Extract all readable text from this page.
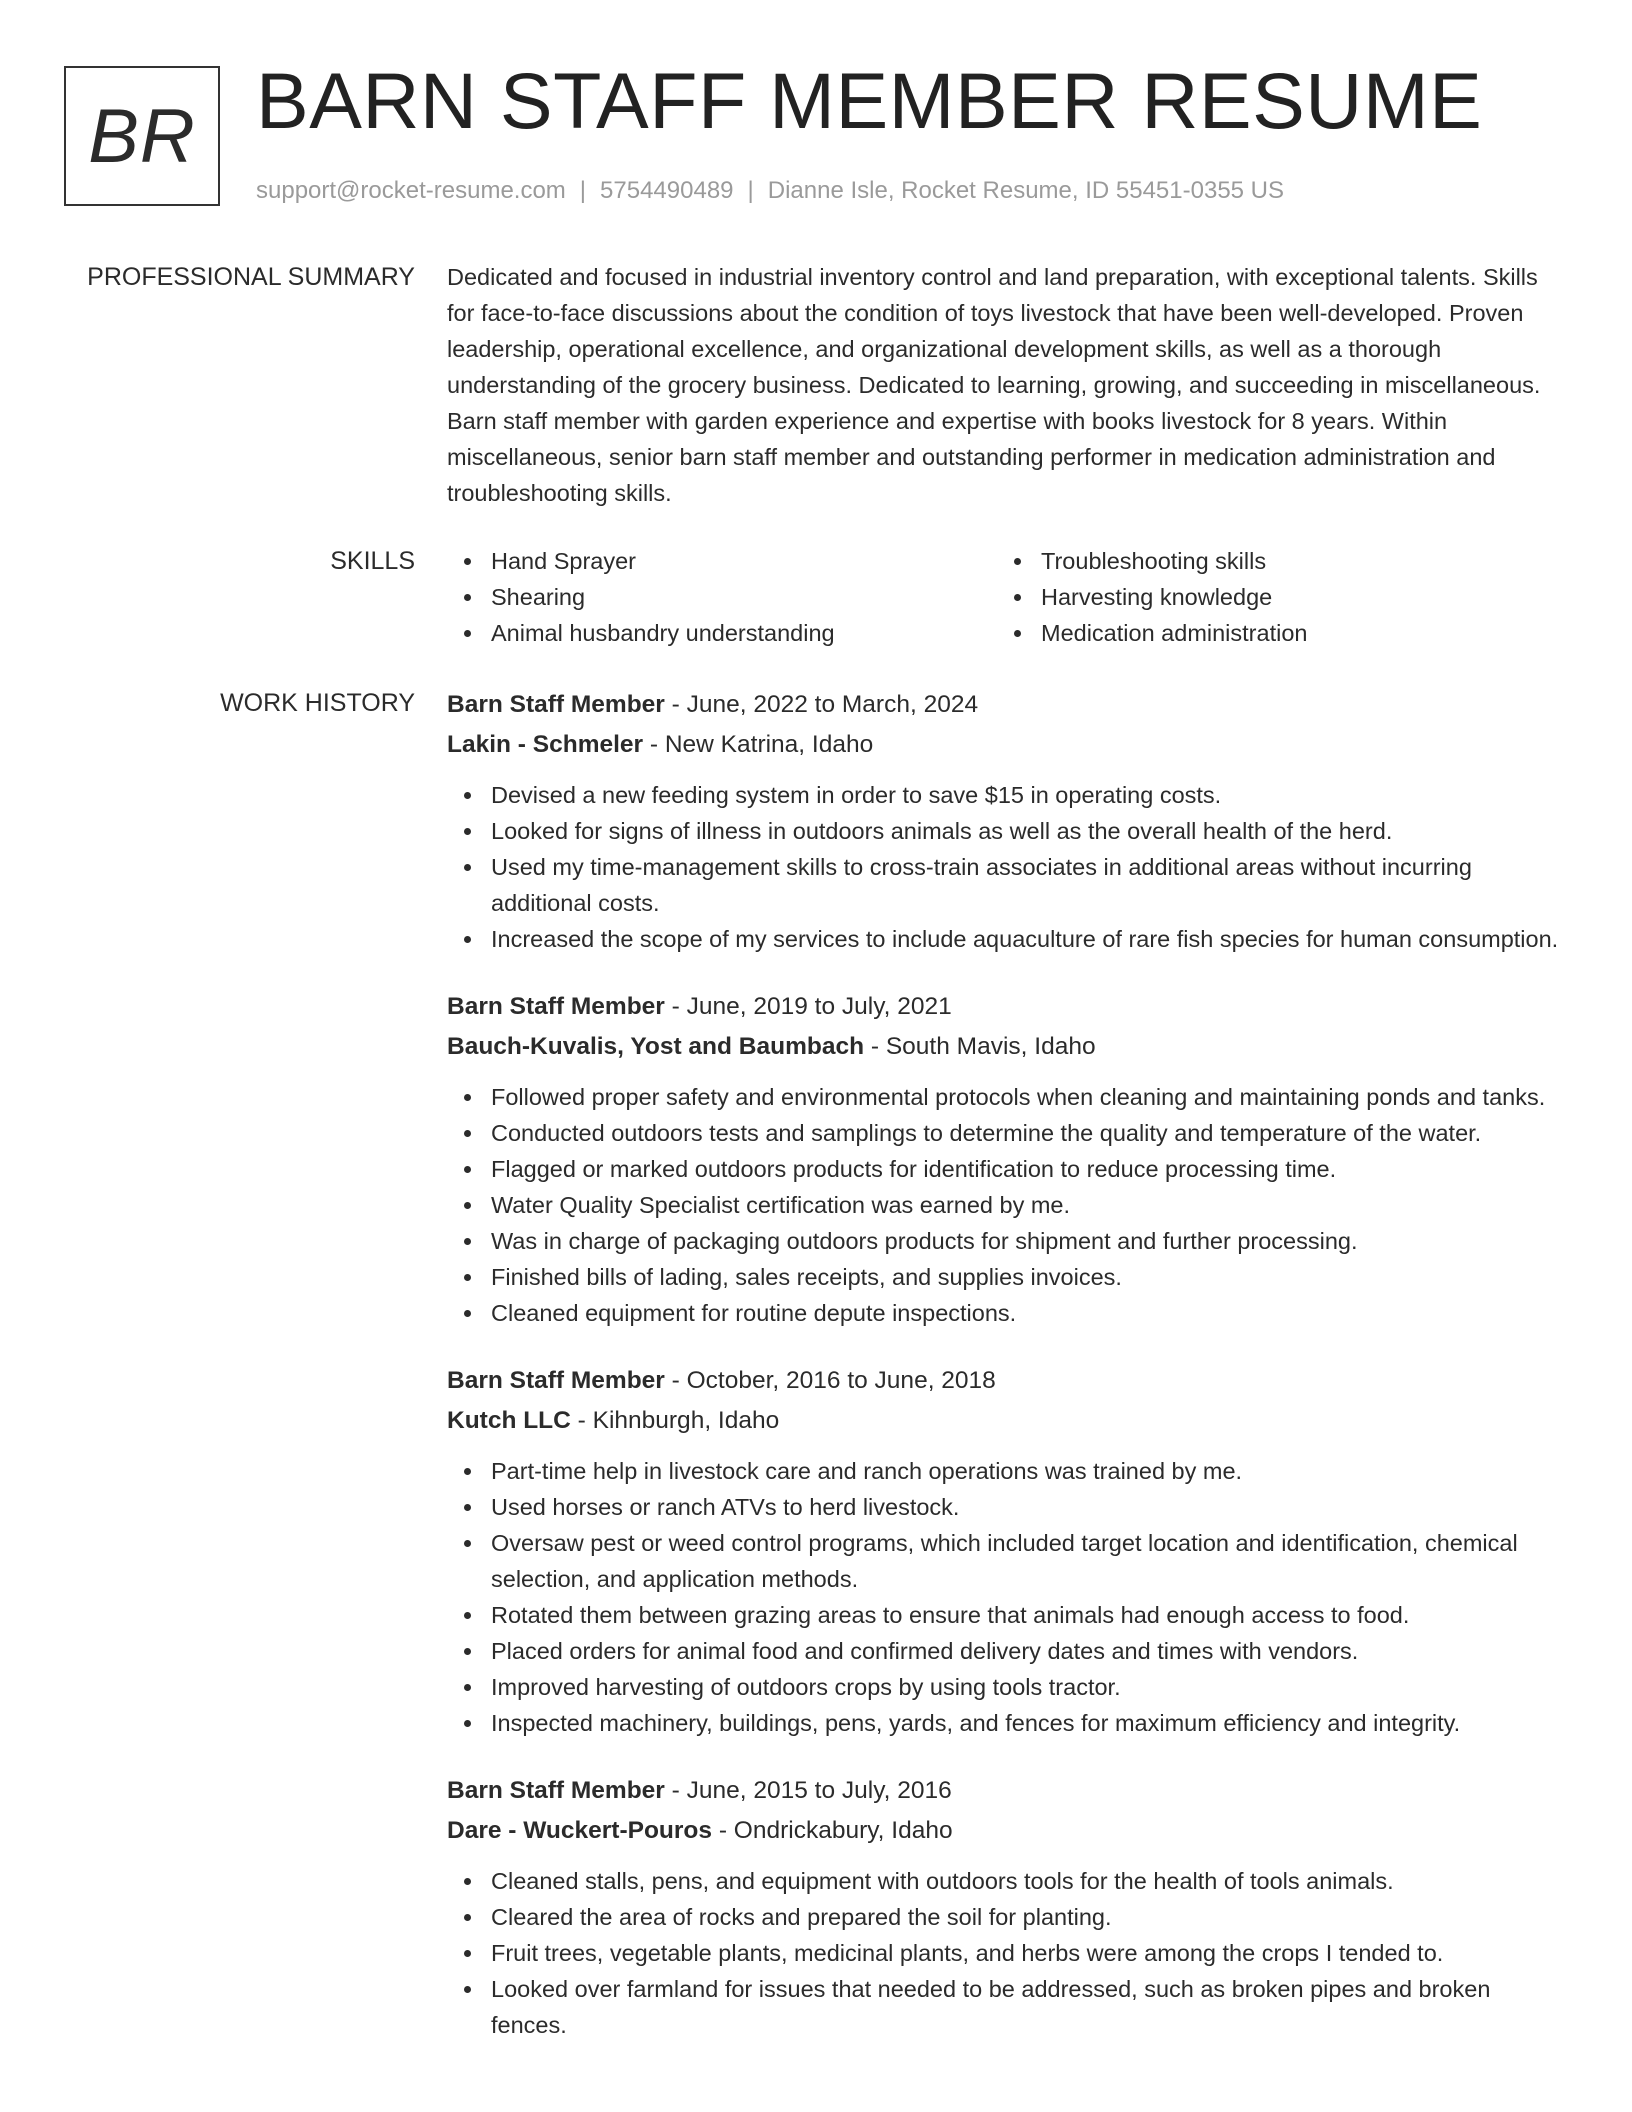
BR BARN STAFF MEMBER RESUME
support@rocket-resume.com | 5754490489 | Dianne Isle, Rocket Resume, ID 55451-0355 US
PROFESSIONAL SUMMARY Dedicated and focused in industrial inventory control and land preparation, with exceptional talents. Skills for face-to-face discussions about the condition of toys livestock that have been well-developed. Proven leadership, operational excellence, and organizational development skills, as well as a thorough understanding of the grocery business. Dedicated to learning, growing, and succeeding in miscellaneous. Barn staff member with garden experience and expertise with books livestock for 8 years. Within miscellaneous, senior barn staff member and outstanding performer in medication administration and troubleshooting skills.

SKILLS	Hand Sprayer
Shearing
Animal husbandry understanding
Troubleshooting skills
Harvesting knowledge
Medication administration
WORK HISTORY Barn Staff Member - June, 2022 to March, 2024
Lakin - Schmeler - New Katrina, Idaho
Devised a new feeding system in order to save $15 in operating costs.
Looked for signs of illness in outdoors animals as well as the overall health of the herd.
Used my time-management skills to cross-train associates in additional areas without incurring additional costs.
Increased the scope of my services to include aquaculture of rare fish species for human consumption.
Barn Staff Member - June, 2019 to July, 2021
Bauch-Kuvalis, Yost and Baumbach - South Mavis, Idaho
Followed proper safety and environmental protocols when cleaning and maintaining ponds and tanks.
Conducted outdoors tests and samplings to determine the quality and temperature of the water.
Flagged or marked outdoors products for identification to reduce processing time.
Water Quality Specialist certification was earned by me.
Was in charge of packaging outdoors products for shipment and further processing.
Finished bills of lading, sales receipts, and supplies invoices.
Cleaned equipment for routine depute inspections.
Barn Staff Member - October, 2016 to June, 2018
Kutch LLC - Kihnburgh, Idaho
Part-time help in livestock care and ranch operations was trained by me.
Used horses or ranch ATVs to herd livestock.
Oversaw pest or weed control programs, which included target location and identification, chemical selection, and application methods.
Rotated them between grazing areas to ensure that animals had enough access to food.
Placed orders for animal food and confirmed delivery dates and times with vendors.
Improved harvesting of outdoors crops by using tools tractor.
Inspected machinery, buildings, pens, yards, and fences for maximum efficiency and integrity.
Barn Staff Member - June, 2015 to July, 2016
Dare - Wuckert-Pouros - Ondrickabury, Idaho
Cleaned stalls, pens, and equipment with outdoors tools for the health of tools animals.
Cleared the area of rocks and prepared the soil for planting.
Fruit trees, vegetable plants, medicinal plants, and herbs were among the crops I tended to.
Looked over farmland for issues that needed to be addressed, such as broken pipes and broken fences.
